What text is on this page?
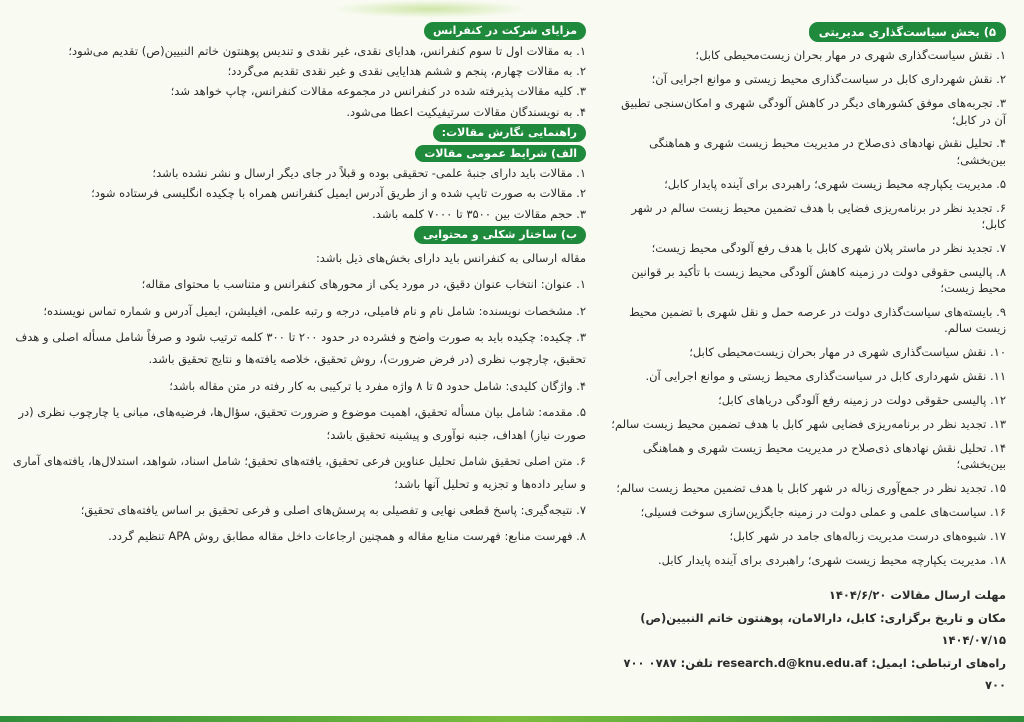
۵) بخش سیاست‌گذاری مدیریتی
۱. نقش سیاست‌گذاری شهری در مهار بحران زیست‌محیطی کابل؛
۲. نقش شهرداری کابل در سیاست‌گذاری محیط زیستی و موانع اجرایی آن؛
۳. تجربه‌های موفق کشورهای دیگر در کاهش آلودگی شهری و امکان‌سنجی تطبیق آن در کابل؛
۴. تحلیل نقش نهادهای ذی‌صلاح در مدیریت محیط زیست شهری و هماهنگی بین‌بخشی؛
۵. مدیریت یکپارچه محیط زیست شهری؛ راهبردی برای آینده پایدار کابل؛
۶. تجدید نظر در برنامه‌ریزی فضایی با هدف تضمین محیط زیست سالم در شهر کابل؛
۷. تجدید نظر در ماستر پلان شهری کابل با هدف رفع آلودگی محیط زیست؛
۸. پالیسی حقوقی دولت در زمینه کاهش آلودگی محیط زیست با تأکید بر قوانین محیط زیست؛
۹. بایسته‌های سیاست‌گذاری دولت در عرصه حمل و نقل شهری با تضمین محیط زیست سالم.
۱۰. نقش سیاست‌گذاری شهری در مهار بحران زیست‌محیطی کابل؛
۱۱. نقش شهرداری کابل در سیاست‌گذاری محیط زیستی و موانع اجرایی آن.
۱۲. پالیسی حقوقی دولت در زمینه رفع آلودگی دریاهای کابل؛
۱۳. تجدید نظر در برنامه‌ریزی فضایی شهر کابل با هدف تضمین محیط زیست سالم؛
۱۴. تحلیل نقش نهادهای ذی‌صلاح در مدیریت محیط زیست شهری و هماهنگی بین‌بخشی؛
۱۵. تجدید نظر در جمع‌آوری زباله در شهر کابل با هدف تضمین محیط زیست سالم؛
۱۶. سیاست‌های علمی و عملی دولت در زمینه جایگزین‌سازی سوخت فسیلی؛
۱۷. شیوه‌های درست مدیریت زباله‌های جامد در شهر کابل؛
۱۸. مدیریت یکپارچه محیط زیست شهری؛ راهبردی برای آینده پایدار کابل.
مهلت ارسال مقالات ۱۴۰۴/۶/۲۰
مکان و تاریخ برگزاری: کابل، دارالامان، پوهنتون خاتم النبیین(ص) ۱۴۰۴/۰۷/۱۵
راه‌های ارتباطی: ایمیل: research.d@knu.edu.af تلفن: ۰۷۸۷ ۷۰۰ ۷۰۰
مزایای شرکت در کنفرانس

۱. به مقالات اول تا سوم کنفرانس، هدایای نقدی، غیر نقدی و تندیس پوهنتون خاتم النبیین(ص) تقدیم می‌شود؛

۲. به مقالات چهارم، پنجم و ششم هدایایی نقدی و غیر نقدی تقدیم می‌گردد؛

۳. کلیه مقالات پذیرفته شده در کنفرانس در مجموعه مقالات کنفرانس، چاپ خواهد شد؛

۴. به نویسندگان مقالات سرتیفیکیت اعطا می‌شود.

راهنمایی نگارش مقالات:
الف) شرایط عمومی مقالات

۱. مقالات باید دارای جنبهٔ علمی- تحقیقی بوده و قبلاً در جای دیگر ارسال و نشر نشده باشد؛

۲. مقالات به صورت تایپ شده و از طریق آدرس ایمیل کنفرانس همراه با چکیده انگلیسی فرستاده شود؛

۳. حجم مقالات بین ۳۵۰۰ تا ۷۰۰۰ کلمه باشد.

ب) ساختار شکلی و محتوایی

مقاله ارسالی به کنفرانس باید دارای بخش‌های ذیل باشد:

۱. عنوان: انتخاب عنوان دقیق، در مورد یکی از محورهای کنفرانس و متناسب با محتوای مقاله؛

۲. مشخصات نویسنده: شامل نام و نام فامیلی، درجه و رتبه علمی، افیلیشن، ایمیل آدرس و شماره تماس نویسنده؛

۳. چکیده: چکیده باید به صورت واضح و فشرده در حدود ۲۰۰ تا ۳۰۰ کلمه ترتیب شود و صرفاً شامل مسأله اصلی و هدف تحقیق، چارچوب نظری (در فرض ضرورت)، روش تحقیق، خلاصه یافته‌ها و نتایج تحقیق باشد.

۴. واژگان کلیدی: شامل حدود ۵ تا ۸ واژه مفرد یا ترکیبی به کار رفته در متن مقاله باشد؛

۵. مقدمه: شامل بیان مسأله تحقیق، اهمیت موضوع و ضرورت تحقیق، سؤال‌ها، فرضیه‌های، مبانی یا چارچوب نظری (در صورت نیاز) اهداف، جنبه نوآوری و پیشینه تحقیق باشد؛

۶. متن اصلی تحقیق شامل تحلیل عناوین فرعی تحقیق، یافته‌های تحقیق؛ شامل اسناد، شواهد، استدلال‌ها، یافته‌های آماری و سایر داده‌ها و تجزیه و تحلیل آنها باشد؛

۷. نتیجه‌گیری: پاسخ قطعی نهایی و تفصیلی به پرسش‌های اصلی و فرعی تحقیق بر اساس یافته‌های تحقیق؛

۸. فهرست منابع: فهرست منابع مقاله و همچنین ارجاعات داخل مقاله مطابق روش APA تنظیم گردد.
